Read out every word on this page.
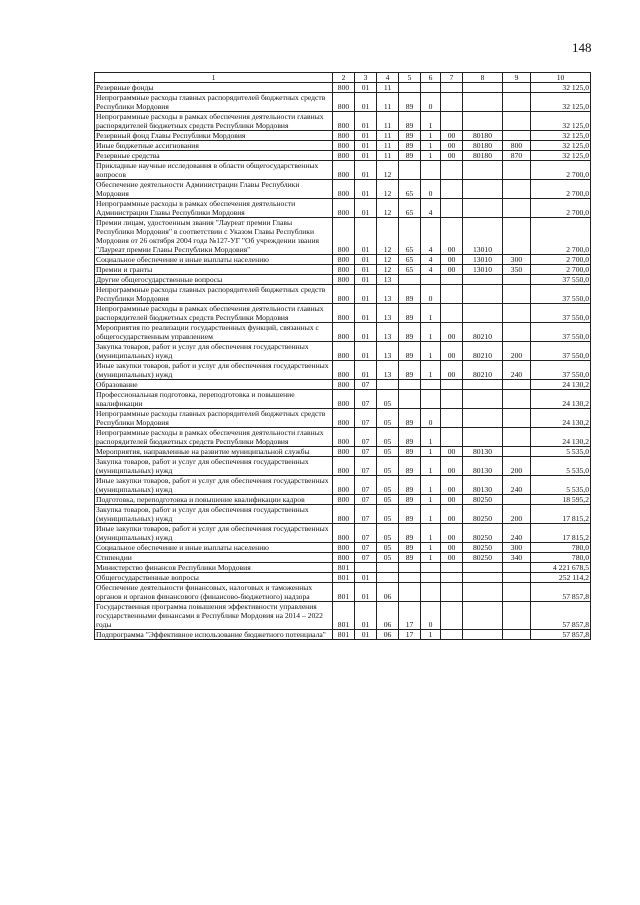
148
1	2	3	4	5	6	7	8	9	10
Резервные фонды	800	01	11						32 125,0
Непрограммные расходы главных распорядителей бюджетных средств Республики Мордовия	800	01	11	89	0				32 125,0
Непрограммные расходы в рамках обеспечения деятельности главных распорядителей бюджетных средств Республики Мордовия	800	01	11	89	1				32 125,0
Резервный фонд Главы Республики Мордовия	800	01	11	89	1	00	80180		32 125,0
Иные бюджетные ассигнования	800	01	11	89	1	00	80180	800	32 125,0
Резервные средства	800	01	11	89	1	00	80180	870	32 125,0
Прикладные научные исследования в области общегосударственных вопросов	800	01	12						2 700,0
Обеспечение деятельности Администрации Главы Республики Мордовия	800	01	12	65	0				2 700,0
Непрограммные расходы в рамках обеспечения деятельности Администрации Главы Республики Мордовия	800	01	12	65	4				2 700,0
Премии лицам, удостоенным звания "Лауреат премии Главы Республики Мордовия" в соответствии с Указом Главы Республики Мордовия от 26 октября 2004 года №127-УГ "Об учреждении звания "Лауреат премии Главы Республики Мордовия"	800	01	12	65	4	00	13010		2 700,0
Социальное обеспечение и иные выплаты населению	800	01	12	65	4	00	13010	300	2 700,0
Премии и гранты	800	01	12	65	4	00	13010	350	2 700,0
Другие общегосударственные вопросы	800	01	13						37 550,0
Непрограммные расходы главных распорядителей бюджетных средств Республики Мордовия	800	01	13	89	0				37 550,0
Непрограммные расходы в рамках обеспечения деятельности главных распорядителей бюджетных средств Республики Мордовия	800	01	13	89	1				37 550,0
Мероприятия по реализации государственных функций, связанных с общегосударственным управлением	800	01	13	89	1	00	80210		37 550,0
Закупка товаров, работ и услуг для обеспечения государственных (муниципальных) нужд	800	01	13	89	1	00	80210	200	37 550,0
Иные закупки товаров, работ и услуг для обеспечения государственных (муниципальных) нужд	800	01	13	89	1	00	80210	240	37 550,0
Образование	800	07							24 130,2
Профессиональная подготовка, переподготовка и повышение квалификации	800	07	05						24 130,2
Непрограммные расходы главных распорядителей бюджетных средств Республики Мордовия	800	07	05	89	0				24 130,2
Непрограммные расходы в рамках обеспечения деятельности главных распорядителей бюджетных средств Республики Мордовия	800	07	05	89	1				24 130,2
Мероприятия, направленные на развитие муниципальной службы	800	07	05	89	1	00	80130		5 535,0
Закупка товаров, работ и услуг для обеспечения государственных (муниципальных) нужд	800	07	05	89	1	00	80130	200	5 535,0
Иные закупки товаров, работ и услуг для обеспечения государственных (муниципальных) нужд	800	07	05	89	1	00	80130	240	5 535,0
Подготовка, переподготовка и повышение квалификации кадров	800	07	05	89	1	00	80250		18 595,2
Закупка товаров, работ и услуг для обеспечения государственных (муниципальных) нужд	800	07	05	89	1	00	80250	200	17 815,2
Иные закупки товаров, работ и услуг для обеспечения государственных (муниципальных) нужд	800	07	05	89	1	00	80250	240	17 815,2
Социальное обеспечение и иные выплаты населению	800	07	05	89	1	00	80250	300	780,0
Стипендии	800	07	05	89	1	00	80250	340	780,0
Министерство финансов Республики Мордовия	801								4 221 678,5
Общегосударственные вопросы	801	01							252 114,2
Обеспечение деятельности финансовых, налоговых и таможенных органов и органов финансового (финансово-бюджетного) надзора	801	01	06						57 857,8
Государственная программа повышения эффективности управления государственными финансами в Республике Мордовия на 2014 – 2022 годы	801	01	06	17	0				57 857,8
Подпрограмма "Эффективное использование бюджетного потенциала"	801	01	06	17	1				57 857,8
